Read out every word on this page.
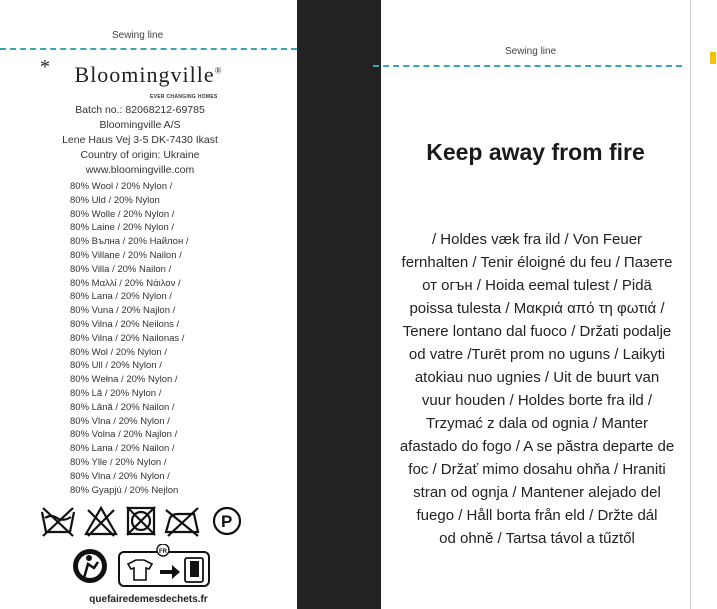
Sewing line
* Bloomingville®
EVER CHANGING HOMES
Batch no.: 82068212-69785
Bloomingville A/S
Lene Haus Vej 3-5 DK-7430 Ikast
Country of origin: Ukraine
www.bloomingville.com
80% Wool / 20% Nylon /
80% Uld / 20% Nylon
80% Wolle / 20% Nylon /
80% Laine / 20% Nylon /
80% Вълна / 20% Найлон /
80% Villane / 20% Nailon /
80% Villa / 20% Nailon /
80% Μαλλί / 20% Νάιλον /
80% Lana / 20% Nylon /
80% Vuna / 20% Najlon /
80% Vilna / 20% Neilons /
80% Vilna / 20% Nailonas /
80% Wol / 20% Nylon /
80% Ull / 20% Nylon /
80% Wełna / 20% Nylon /
80% Lã / 20% Nylon /
80% Lână / 20% Nailon /
80% Vlna / 20% Nylon /
80% Volna / 20% Najlon /
80% Lana / 20% Nailon /
80% Ylle / 20% Nylon /
80% Vlna / 20% Nylon /
80% Gyapjú / 20% Nejlon
P
FR
quefairedemesdechets.fr
Sewing line
Keep away from fire
/ Holdes væk fra ild / Von Feuer
fernhalten / Tenir éloigné du feu / Пазете
от огън / Hoida eemal tulest / Pidä
poissa tulesta / Μακριά από τη φωτιά /
Tenere lontano dal fuoco / Držati podalje
od vatre /Turēt prom no uguns / Laikyti
atokiau nuo ugnies / Uit de buurt van
vuur houden / Holdes borte fra ild /
Trzymać z dala od ognia / Manter
afastado do fogo / A se păstra departe de
foc / Držať mimo dosahu ohňa / Hraniti
stran od ognja / Mantener alejado del
fuego / Håll borta från eld / Držte dál
od ohně / Tartsa távol a tűztől
